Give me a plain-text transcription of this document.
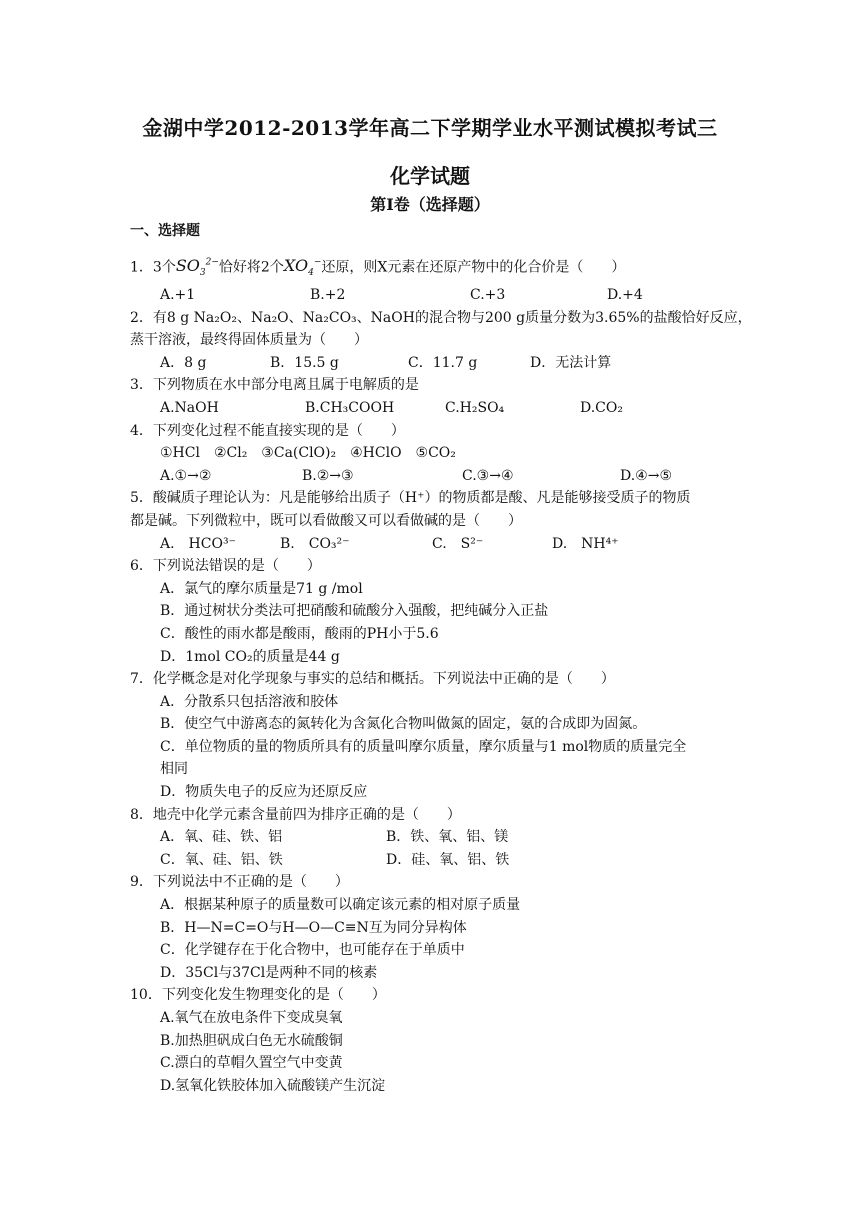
金湖中学2012-2013学年高二下学期学业水平测试模拟考试三
化学试题
第Ⅰ卷（选择题）
一、选择题
1．3个$SO_3^{2-}$恰好将2个$XO_4^-$还原，则X元素在还原产物中的化合价是（　　）
A.+1	B.+2	C.+3	D.+4
2．有8 g Na₂O₂、Na₂O、Na₂CO₃、NaOH的混合物与200 g质量分数为3.65%的盐酸恰好反应，
蒸干溶液，最终得固体质量为（　　）
A．8 g	B．15.5 g	C．11.7 g	D．无法计算
3．下列物质在水中部分电离且属于电解质的是
A.NaOH	B.CH₃COOH	C.H₂SO₄	D.CO₂
4．下列变化过程不能直接实现的是（　　）
①HCl　②Cl₂　③Ca(ClO)₂　④HClO　⑤CO₂
A.①→②	B.②→③	C.③→④	D.④→⑤
5．酸碱质子理论认为：凡是能够给出质子（H⁺）的物质都是酸、凡是能够接受质子的物质
都是碱。下列微粒中，既可以看做酸又可以看做碱的是（　　）
A.　HCO³⁻	B.　CO₃²⁻	C.　S²⁻	D.　NH⁴⁺
6．下列说法错误的是（　　）
A．氯气的摩尔质量是71 g /mol
B．通过树状分类法可把硝酸和硫酸分入强酸，把纯碱分入正盐
C．酸性的雨水都是酸雨，酸雨的PH小于5.6
D．1mol CO₂的质量是44 g
7．化学概念是对化学现象与事实的总结和概括。下列说法中正确的是（　　）
A．分散系只包括溶液和胶体
B．使空气中游离态的氮转化为含氮化合物叫做氮的固定，氨的合成即为固氮。
C．单位物质的量的物质所具有的质量叫摩尔质量，摩尔质量与1 mol物质的质量完全
相同
D．物质失电子的反应为还原反应
8．地壳中化学元素含量前四为排序正确的是（　　）
A．氧、硅、铁、铝	B．铁、氧、铝、镁
C．氧、硅、铝、铁	D．硅、氧、铝、铁
9．下列说法中不正确的是（　　）
A．根据某种原子的质量数可以确定该元素的相对原子质量
B．H—N=C=O与H—O—C≡N互为同分异构体
C．化学键存在于化合物中，也可能存在于单质中
D．35Cl与37Cl是两种不同的核素
10．下列变化发生物理变化的是（　　）
A.氧气在放电条件下变成臭氧
B.加热胆矾成白色无水硫酸铜
C.漂白的草帽久置空气中变黄
D.氢氧化铁胶体加入硫酸镁产生沉淀
